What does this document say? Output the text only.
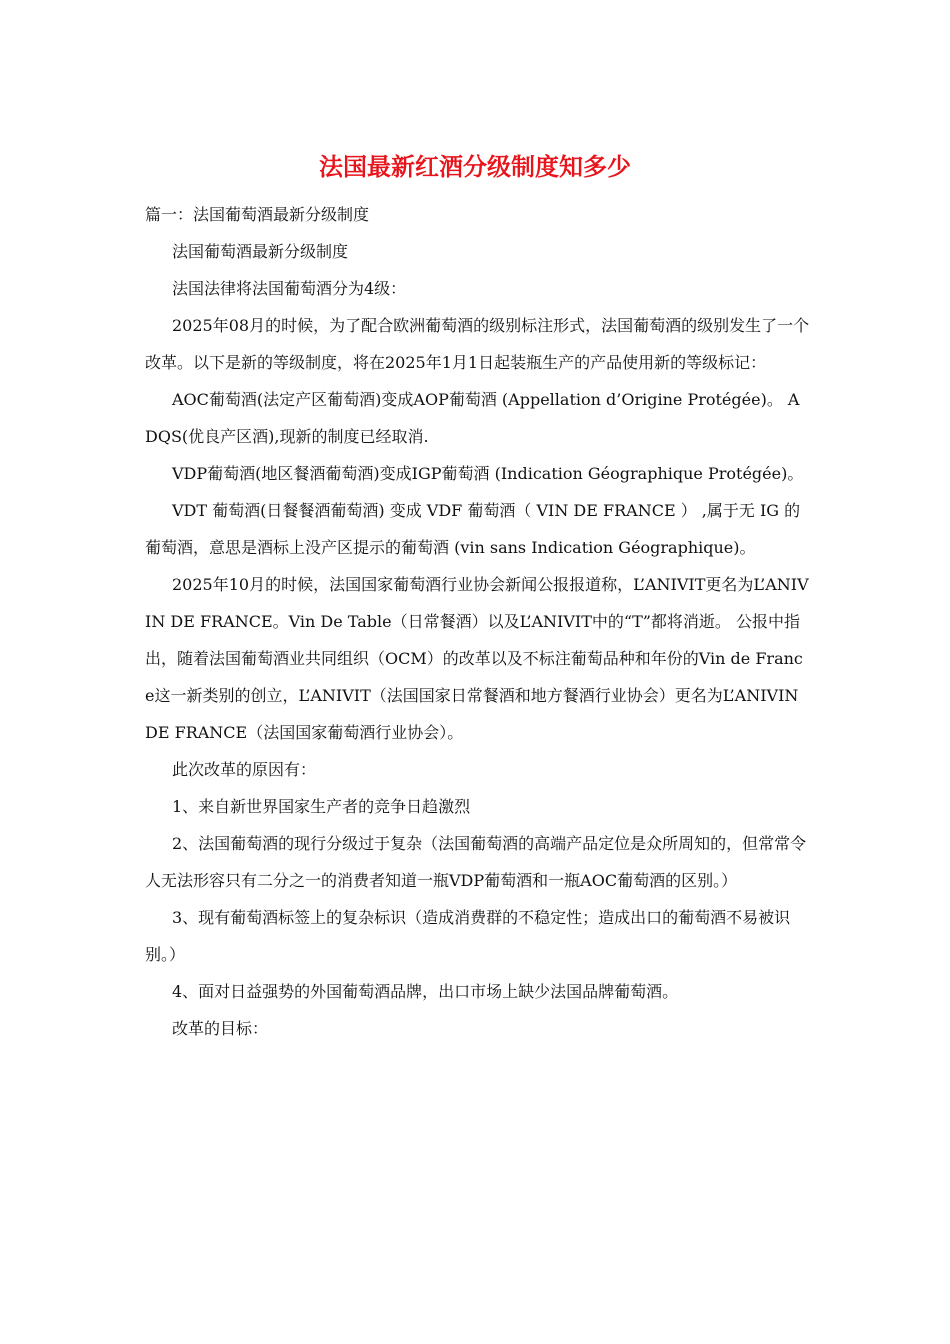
法国最新红酒分级制度知多少

篇一：法国葡萄酒最新分级制度

法国葡萄酒最新分级制度

法国法律将法国葡萄酒分为4级：

2025年08月的时候，为了配合欧洲葡萄酒的级别标注形式，法国葡萄酒的级别发生了一个改革。以下是新的等级制度，将在2025年1月1日起装瓶生产的产品使用新的等级标记：

AOC葡萄酒(法定产区葡萄酒)变成AOP葡萄酒 (Appellation d’Origine Protégée)。 ADQS(优良产区酒),现新的制度已经取消.

VDP葡萄酒(地区餐酒葡萄酒)变成IGP葡萄酒 (Indication Géographique Protégée)。

VDT 葡萄酒(日餐餐酒葡萄酒) 变成 VDF 葡萄酒（ VIN DE FRANCE ） ,属于无 IG 的葡萄酒，意思是酒标上没产区提示的葡萄酒 (vin sans Indication Géographique)。

2025年10月的时候，法国国家葡萄酒行业协会新闻公报报道称，L’ANIVIT更名为L’ANIVIN DE FRANCE。Vin De Table（日常餐酒）以及L’ANIVIT中的“T”都将消逝。 公报中指出，随着法国葡萄酒业共同组织（OCM）的改革以及不标注葡萄品种和年份的Vin de France这一新类别的创立，L’ANIVIT（法国国家日常餐酒和地方餐酒行业协会）更名为L’ANIVIN DE FRANCE（法国国家葡萄酒行业协会）。

此次改革的原因有：

1、来自新世界国家生产者的竞争日趋激烈

2、法国葡萄酒的现行分级过于复杂（法国葡萄酒的高端产品定位是众所周知的，但常常令人无法形容只有二分之一的消费者知道一瓶VDP葡萄酒和一瓶AOC葡萄酒的区别。）

3、现有葡萄酒标签上的复杂标识（造成消费群的不稳定性；造成出口的葡萄酒不易被识别。）

4、面对日益强势的外国葡萄酒品牌，出口市场上缺少法国品牌葡萄酒。

改革的目标：
